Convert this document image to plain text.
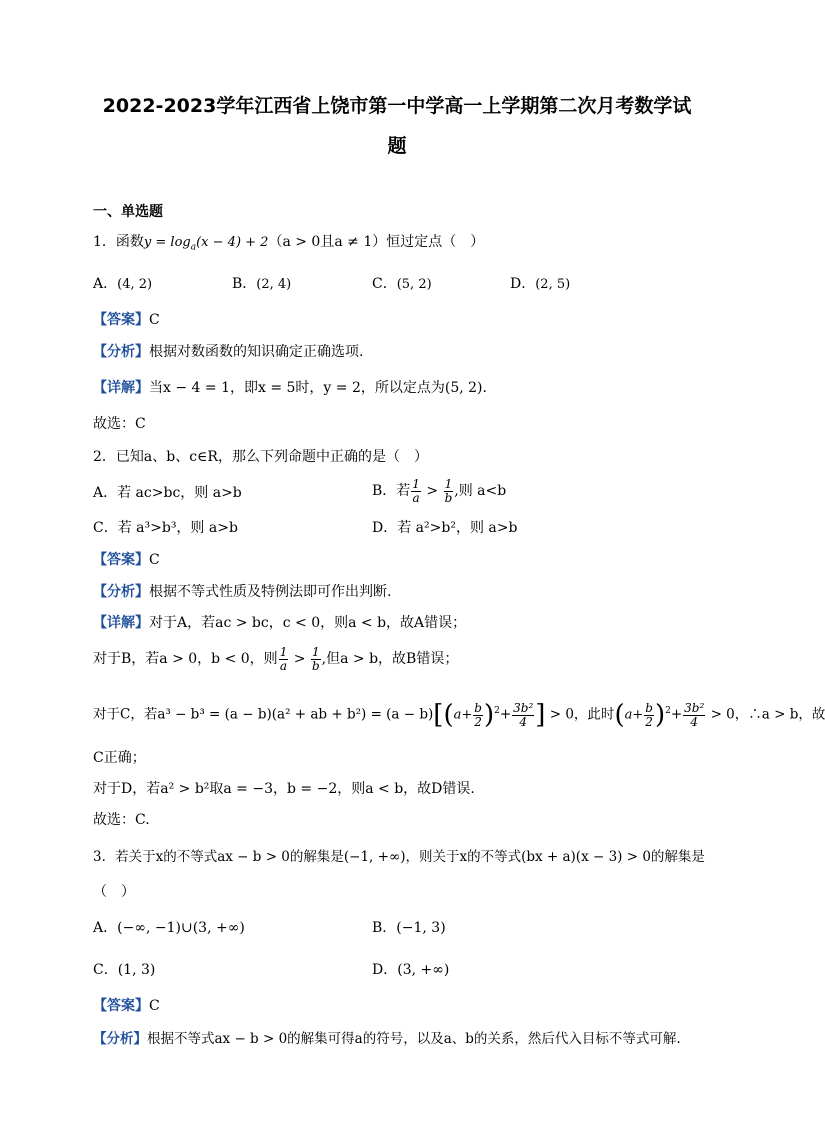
2022-2023学年江西省上饶市第一中学高一上学期第二次月考数学试
题
一、单选题
1．函数$y = \log_a(x - 4) + 2(a > 0$且a ≠ 1）恒过定点（　）
A．(4, 2)	B．(2, 4)	C．(5, 2)	D．(2, 5)
【答案】C
【分析】根据对数函数的知识确定正确选项.
【详解】当x − 4 = 1，即x = 5时，y = 2，所以定点为(5, 2).
故选：C
2．已知a、b、c∈R，那么下列命题中正确的是（　）
A．若 ac>bc，则 a>b	B．若 $\frac{1}{a} > \frac{1}{b}$ ,则 a<b
C．若 a³>b³，则 a>b	D．若 a²>b²，则 a>b
【答案】C
【分析】根据不等式性质及特例法即可作出判断.
【详解】对于A，若ac > bc，c < 0，则a < b，故A错误；
对于B，若a > 0，b < 0，则 $\frac{1}{a} > \frac{1}{b}$ ,但a > b，故B错误；
对于C，若a³ − b³ = (a − b)(a² + ab + $b^2) = (a - b)[(a+ \frac{b}{2} )^2+ \frac{\text{3b²}}{4}$ ] > 0，此时$(a+ \frac{b}{2} )^2+ \frac{\text{3b²}}{4} > 0$，∴a > b，故
C正确；
对于D，若a² > b²取a = −3，b = −2，则a < b，故D错误.
故选：C.
3．若关于x的不等式ax − b > 0的解集是(−1, +∞)，则关于x的不等式(bx + a)(x − 3) > 0的解集是
（　）
A．(−∞, −1)∪(3, +∞)	B．(−1, 3)
C．(1, 3)	D．(3, +∞)
【答案】C
【分析】根据不等式ax − b > 0的解集可得a的符号，以及a、b的关系，然后代入目标不等式可解.
